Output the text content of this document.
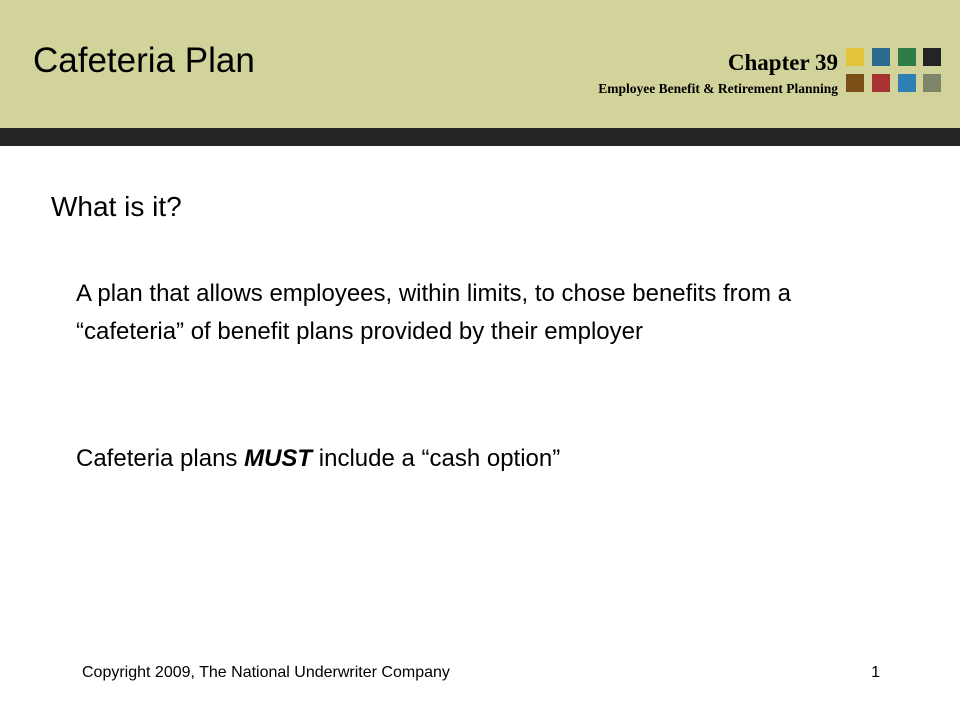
Cafeteria Plan	Chapter 39
Employee Benefit & Retirement Planning
What is it?
A plan that allows employees, within limits, to chose benefits from a “cafeteria” of benefit plans provided by their employer
Cafeteria plans MUST include a “cash option”
Copyright 2009, The National Underwriter Company	1
